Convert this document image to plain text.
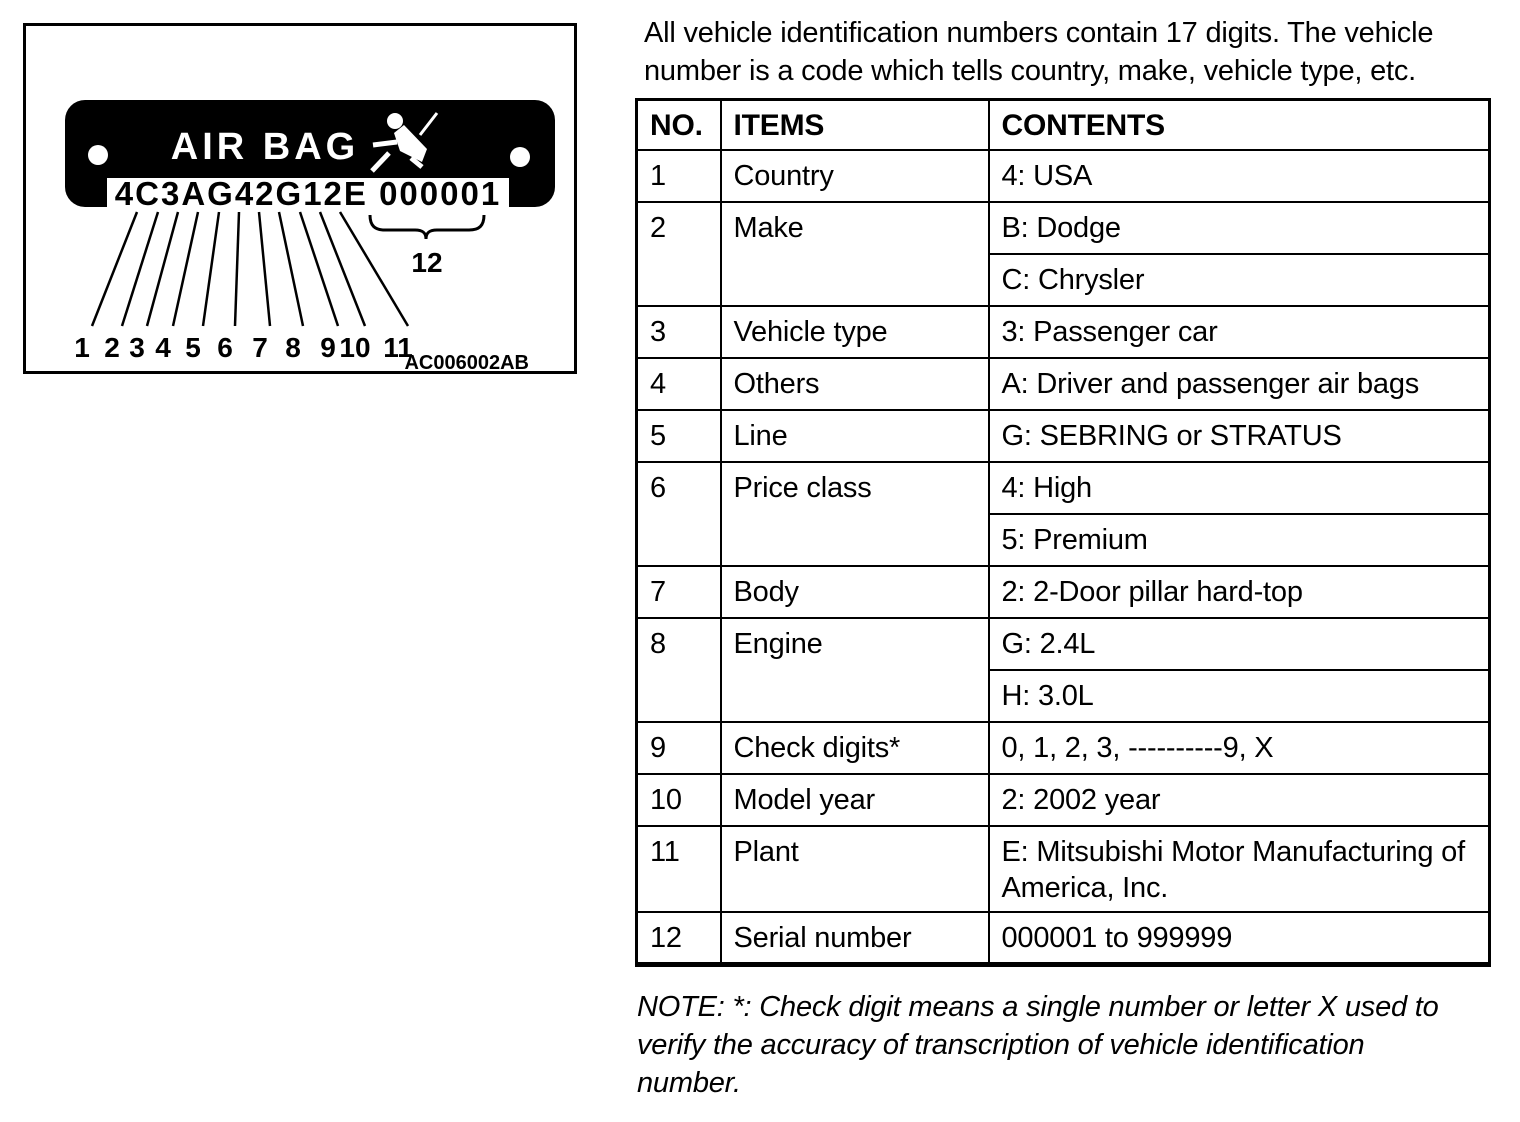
AIR BAG
4C3AG42G12E 000001
1 2 3 4 5 6 7 8 9 10 11
12
AC006002AB
All vehicle identification numbers contain 17 digits. The vehicle
number is a code which tells country, make, vehicle type, etc.
NO.	ITEMS	CONTENTS
1	Country	4: USA
2	Make	B: Dodge
		C: Chrysler
3	Vehicle type	3: Passenger car
4	Others	A: Driver and passenger air bags
5	Line	G: SEBRING or STRATUS
6	Price class	4: High
		5: Premium
7	Body	2: 2-Door pillar hard-top
8	Engine	G: 2.4L
		H: 3.0L
9	Check digits*	0, 1, 2, 3, ----------9, X
10	Model year	2: 2002 year
11	Plant	E: Mitsubishi Motor Manufacturing of America, Inc.
12	Serial number	000001 to 999999
NOTE: *: Check digit means a single number or letter X used to
verify the accuracy of transcription of vehicle identification
number.
